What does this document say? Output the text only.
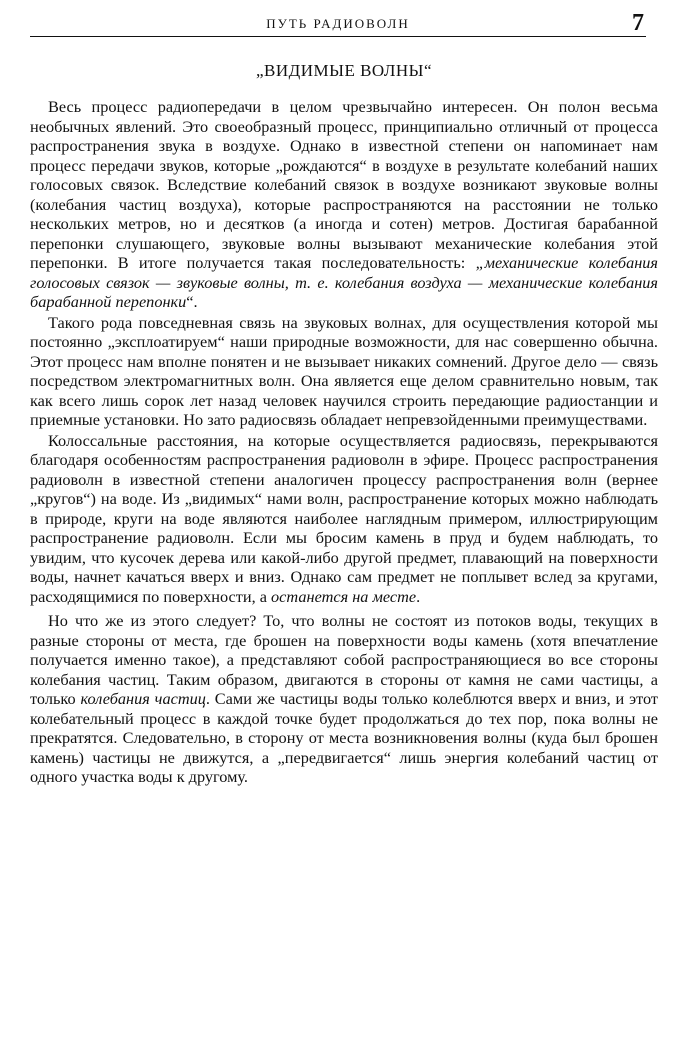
ПУТЬ РАДИОВОЛН	7
„ВИДИМЫЕ ВОЛНЫ“

Весь процесс радиопередачи в целом чрезвычайно интересен. Он полон весьма необычных явлений. Это своеобразный процесс, принципиально отличный от процесса распространения звука в воздухе. Однако в известной степени он напоминает нам процесс передачи звуков, которые „рождаются“ в воздухе в результате колебаний наших голосовых связок. Вследствие колебаний связок в воздухе возникают звуковые волны (колебания частиц воздуха), которые распространяются на расстоянии не только нескольких метров, но и десятков (а иногда и сотен) метров. Достигая барабанной перепонки слушающего, звуковые волны вызывают механические колебания этой перепонки. В итоге получается такая последовательность: „механические колебания голосовых связок — звуковые волны, т. е. колебания воздуха — механические колебания барабанной перепонки“.

Такого рода повседневная связь на звуковых волнах, для осуществления которой мы постоянно „эксплоатируем“ наши природные возможности, для нас совершенно обычна. Этот процесс нам вполне понятен и не вызывает никаких сомнений. Другое дело — связь посредством электромагнитных волн. Она является еще делом сравнительно новым, так как всего лишь сорок лет назад человек научился строить передающие радиостанции и приемные установки. Но зато радиосвязь обладает непревзойденными преимуществами.

Колоссальные расстояния, на которые осуществляется радиосвязь, перекрываются благодаря особенностям распространения радиоволн в эфире. Процесс распространения радиоволн в известной степени аналогичен процессу распространения волн (вернее „кругов“) на воде. Из „видимых“ нами волн, распространение которых можно наблюдать в природе, круги на воде являются наиболее наглядным примером, иллюстрирующим распространение радиоволн. Если мы бросим камень в пруд и будем наблюдать, то увидим, что кусочек дерева или какой-либо другой предмет, плавающий на поверхности воды, начнет качаться вверх и вниз. Однако сам предмет не поплывет вслед за кругами, расходящимися по поверхности, а останется на месте.

Но что же из этого следует? То, что волны не состоят из потоков воды, текущих в разные стороны от места, где брошен на поверхности воды камень (хотя впечатление получается именно такое), а представляют собой распространяющиеся во все стороны колебания частиц. Таким образом, двигаются в стороны от камня не сами частицы, а только колебания частиц. Сами же частицы воды только колеблются вверх и вниз, и этот колебательный процесс в каждой точке будет продолжаться до тех пор, пока волны не прекратятся. Следовательно, в сторону от места возникновения волны (куда был брошен камень) частицы не движутся, а „передвигается“ лишь энергия колебаний частиц от одного участка воды к другому.
